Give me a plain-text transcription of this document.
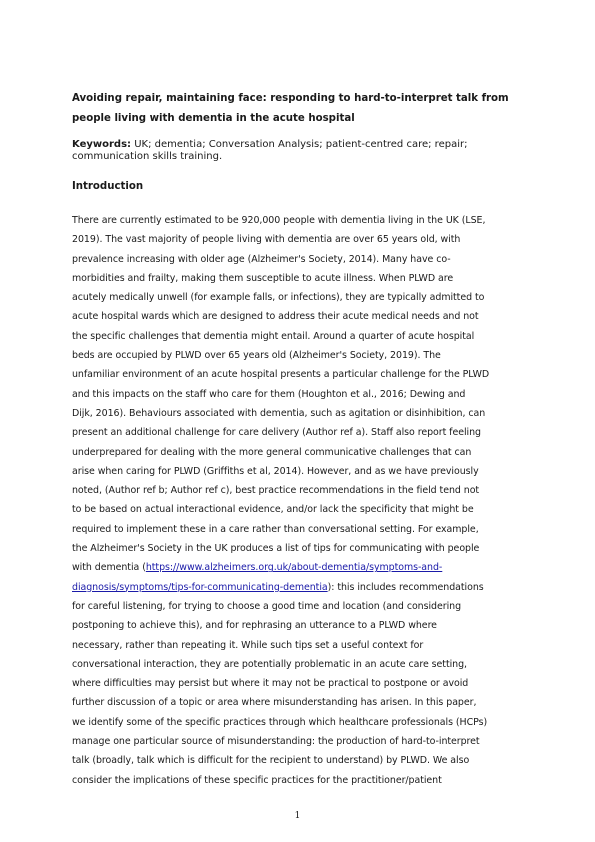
Avoiding repair, maintaining face: responding to hard-to-interpret talk from
people living with dementia in the acute hospital

Keywords: UK; dementia; Conversation Analysis; patient-centred care; repair;
communication skills training.

Introduction

There are currently estimated to be 920,000 people with dementia living in the UK (LSE,
2019). The vast majority of people living with dementia are over 65 years old, with
prevalence increasing with older age (Alzheimer's Society, 2014). Many have co-
morbidities and frailty, making them susceptible to acute illness. When PLWD are
acutely medically unwell (for example falls, or infections), they are typically admitted to
acute hospital wards which are designed to address their acute medical needs and not
the specific challenges that dementia might entail. Around a quarter of acute hospital
beds are occupied by PLWD over 65 years old (Alzheimer's Society, 2019). The
unfamiliar environment of an acute hospital presents a particular challenge for the PLWD
and this impacts on the staff who care for them (Houghton et al., 2016; Dewing and
Dijk, 2016). Behaviours associated with dementia, such as agitation or disinhibition, can
present an additional challenge for care delivery (Author ref a). Staff also report feeling
underprepared for dealing with the more general communicative challenges that can
arise when caring for PLWD (Griffiths et al, 2014). However, and as we have previously
noted, (Author ref b; Author ref c), best practice recommendations in the field tend not
to be based on actual interactional evidence, and/or lack the specificity that might be
required to implement these in a care rather than conversational setting. For example,
the Alzheimer's Society in the UK produces a list of tips for communicating with people
with dementia (https://www.alzheimers.org.uk/about-dementia/symptoms-and-
diagnosis/symptoms/tips-for-communicating-dementia): this includes recommendations
for careful listening, for trying to choose a good time and location (and considering
postponing to achieve this), and for rephrasing an utterance to a PLWD where
necessary, rather than repeating it. While such tips set a useful context for
conversational interaction, they are potentially problematic in an acute care setting,
where difficulties may persist but where it may not be practical to postpone or avoid
further discussion of a topic or area where misunderstanding has arisen. In this paper,
we identify some of the specific practices through which healthcare professionals (HCPs)
manage one particular source of misunderstanding: the production of hard-to-interpret
talk (broadly, talk which is difficult for the recipient to understand) by PLWD. We also
consider the implications of these specific practices for the practitioner/patient

1
